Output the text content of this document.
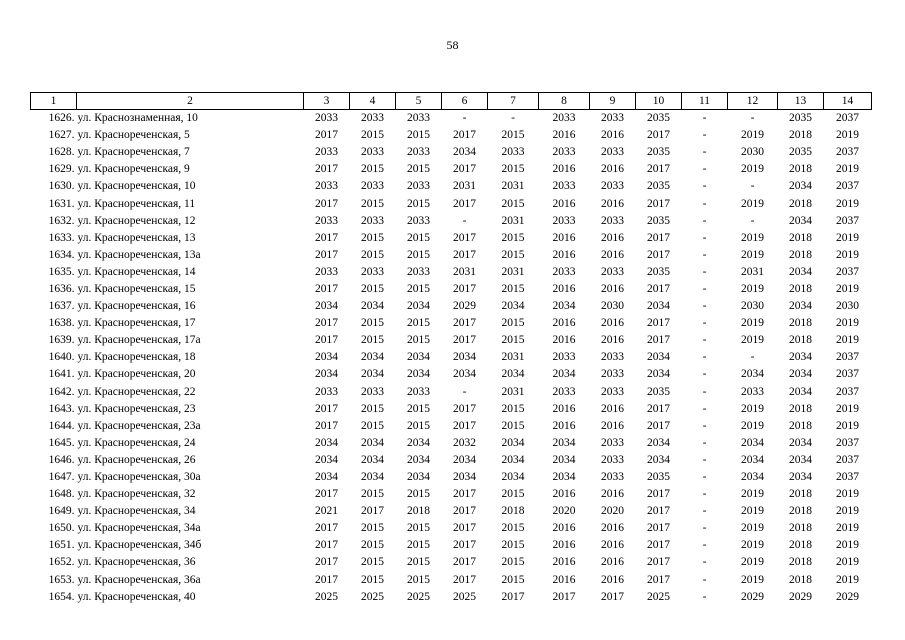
58
1	2	3	4	5	6	7	8	9	10	11	12	13	14
1626.	ул. Краснознаменная, 10	2033	2033	2033	-	-	2033	2033	2035	-	-	2035	2037
1627.	ул. Краснореченская, 5	2017	2015	2015	2017	2015	2016	2016	2017	-	2019	2018	2019
1628.	ул. Краснореченская, 7	2033	2033	2033	2034	2033	2033	2033	2035	-	2030	2035	2037
1629.	ул. Краснореченская, 9	2017	2015	2015	2017	2015	2016	2016	2017	-	2019	2018	2019
1630.	ул. Краснореченская, 10	2033	2033	2033	2031	2031	2033	2033	2035	-	-	2034	2037
1631.	ул. Краснореченская, 11	2017	2015	2015	2017	2015	2016	2016	2017	-	2019	2018	2019
1632.	ул. Краснореченская, 12	2033	2033	2033	-	2031	2033	2033	2035	-	-	2034	2037
1633.	ул. Краснореченская, 13	2017	2015	2015	2017	2015	2016	2016	2017	-	2019	2018	2019
1634.	ул. Краснореченская, 13а	2017	2015	2015	2017	2015	2016	2016	2017	-	2019	2018	2019
1635.	ул. Краснореченская, 14	2033	2033	2033	2031	2031	2033	2033	2035	-	2031	2034	2037
1636.	ул. Краснореченская, 15	2017	2015	2015	2017	2015	2016	2016	2017	-	2019	2018	2019
1637.	ул. Краснореченская, 16	2034	2034	2034	2029	2034	2034	2030	2034	-	2030	2034	2030
1638.	ул. Краснореченская, 17	2017	2015	2015	2017	2015	2016	2016	2017	-	2019	2018	2019
1639.	ул. Краснореченская, 17а	2017	2015	2015	2017	2015	2016	2016	2017	-	2019	2018	2019
1640.	ул. Краснореченская, 18	2034	2034	2034	2034	2031	2033	2033	2034	-	-	2034	2037
1641.	ул. Краснореченская, 20	2034	2034	2034	2034	2034	2034	2033	2034	-	2034	2034	2037
1642.	ул. Краснореченская, 22	2033	2033	2033	-	2031	2033	2033	2035	-	2033	2034	2037
1643.	ул. Краснореченская, 23	2017	2015	2015	2017	2015	2016	2016	2017	-	2019	2018	2019
1644.	ул. Краснореченская, 23а	2017	2015	2015	2017	2015	2016	2016	2017	-	2019	2018	2019
1645.	ул. Краснореченская, 24	2034	2034	2034	2032	2034	2034	2033	2034	-	2034	2034	2037
1646.	ул. Краснореченская, 26	2034	2034	2034	2034	2034	2034	2033	2034	-	2034	2034	2037
1647.	ул. Краснореченская, 30а	2034	2034	2034	2034	2034	2034	2033	2035	-	2034	2034	2037
1648.	ул. Краснореченская, 32	2017	2015	2015	2017	2015	2016	2016	2017	-	2019	2018	2019
1649.	ул. Краснореченская, 34	2021	2017	2018	2017	2018	2020	2020	2017	-	2019	2018	2019
1650.	ул. Краснореченская, 34а	2017	2015	2015	2017	2015	2016	2016	2017	-	2019	2018	2019
1651.	ул. Краснореченская, 34б	2017	2015	2015	2017	2015	2016	2016	2017	-	2019	2018	2019
1652.	ул. Краснореченская, 36	2017	2015	2015	2017	2015	2016	2016	2017	-	2019	2018	2019
1653.	ул. Краснореченская, 36а	2017	2015	2015	2017	2015	2016	2016	2017	-	2019	2018	2019
1654.	ул. Краснореченская, 40	2025	2025	2025	2025	2017	2017	2017	2025	-	2029	2029	2029
